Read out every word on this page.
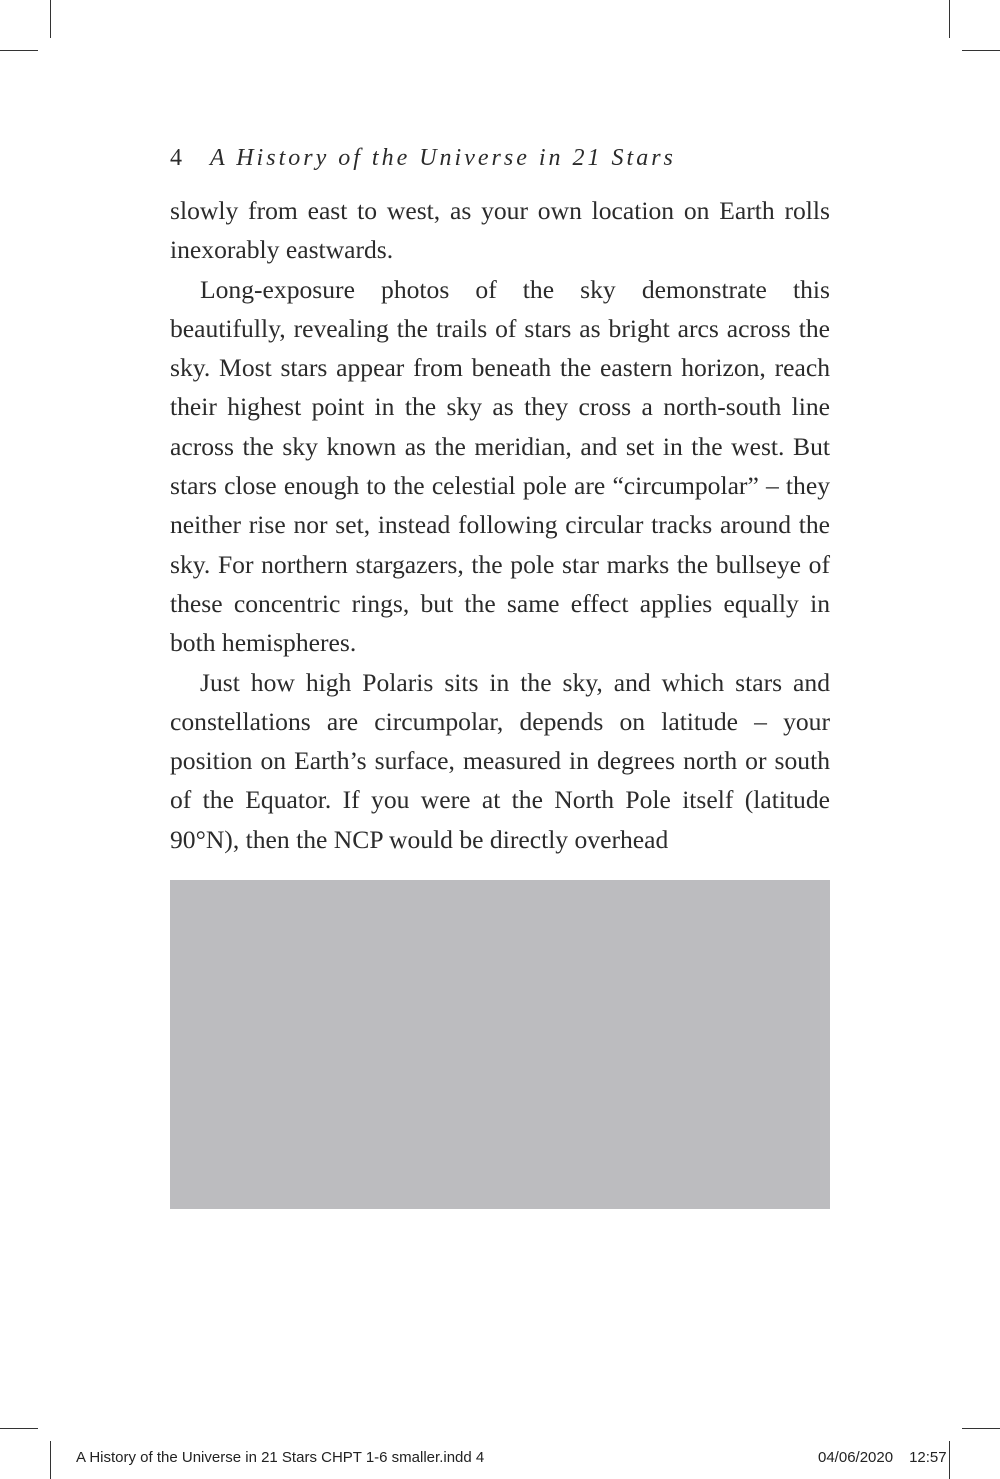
4 A History of the Universe in 21 Stars

slowly from east to west, as your own location on Earth rolls inexorably eastwards.

Long-exposure photos of the sky demonstrate this beautifully, revealing the trails of stars as bright arcs across the sky. Most stars appear from beneath the eastern horizon, reach their highest point in the sky as they cross a north-south line across the sky known as the meridian, and set in the west. But stars close enough to the celestial pole are “circumpolar” – they neither rise nor set, instead following circular tracks around the sky. For northern stargazers, the pole star marks the bullseye of these concentric rings, but the same effect applies equally in both hemispheres.

Just how high Polaris sits in the sky, and which stars and constellations are circumpolar, depends on latitude – your position on Earth’s surface, measured in degrees north or south of the Equator. If you were at the North Pole itself (latitude 90°N), then the NCP would be directly overhead

A History of the Universe in 21 Stars CHPT 1-6 smaller.indd 4	04/06/2020 12:57
